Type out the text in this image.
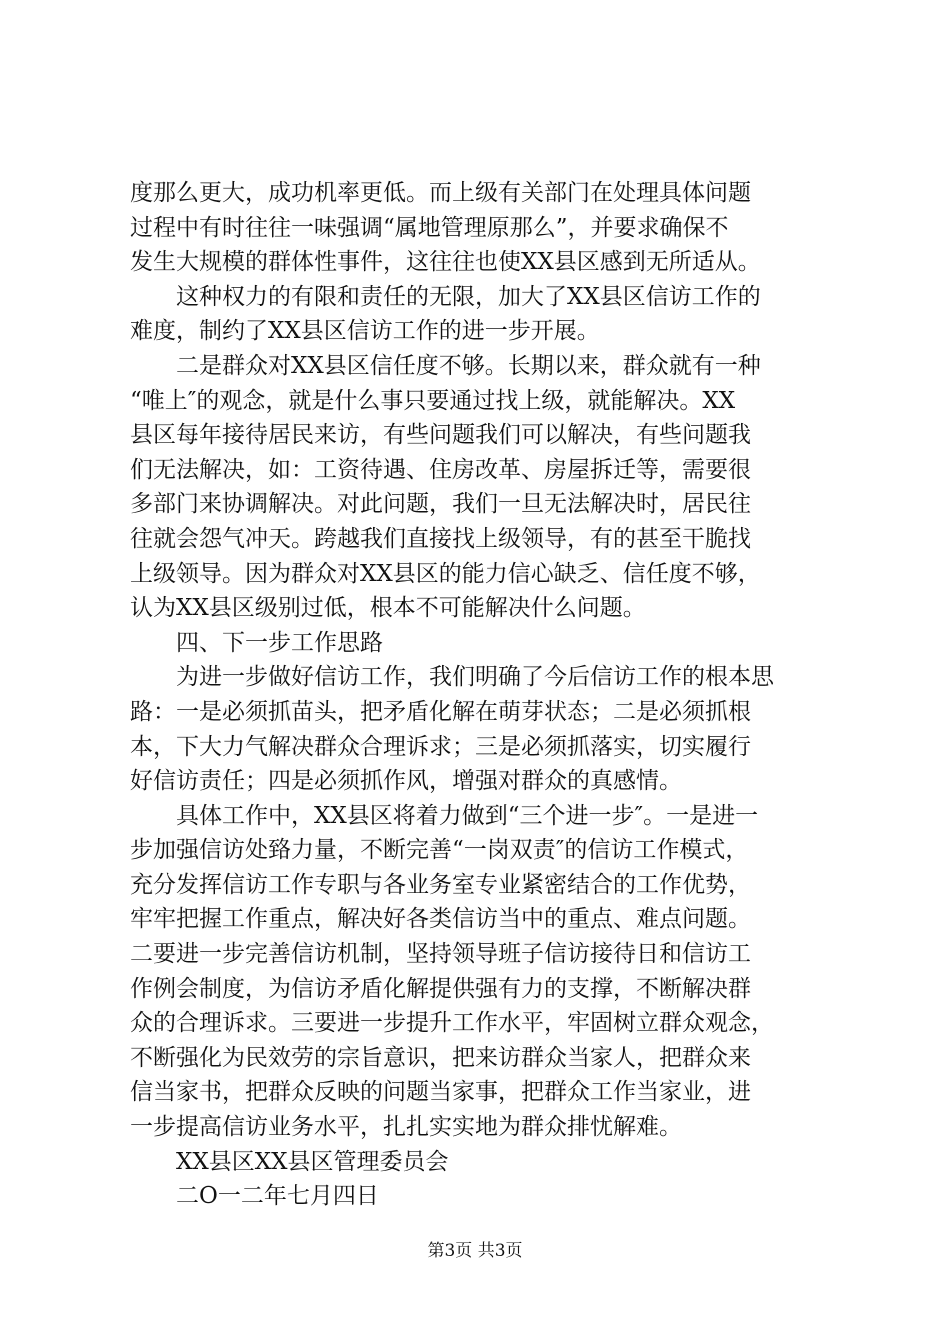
度那么更大，成功机率更低。而上级有关部门在处理具体问题
过程中有时往往一味强调“属地管理原那么”，并要求确保不
发生大规模的群体性事件，这往往也使XX县区感到无所适从。
这种权力的有限和责任的无限，加大了XX县区信访工作的
难度，制约了XX县区信访工作的进一步开展。
二是群众对XX县区信任度不够。长期以来，群众就有一种
“唯上″的观念，就是什么事只要通过找上级，就能解决。XX
县区每年接待居民来访，有些问题我们可以解决，有些问题我
们无法解决，如：工资待遇、住房改革、房屋拆迁等，需要很
多部门来协调解决。对此问题，我们一旦无法解决时，居民往
往就会怨气冲天。跨越我们直接找上级领导，有的甚至干脆找
上级领导。因为群众对XX县区的能力信心缺乏、信任度不够，
认为XX县区级别过低，根本不可能解决什么问题。
四、下一步工作思路
为进一步做好信访工作，我们明确了今后信访工作的根本思
路：一是必须抓苗头，把矛盾化解在萌芽状态；二是必须抓根
本，下大力气解决群众合理诉求；三是必须抓落实，切实履行
好信访责任；四是必须抓作风，增强对群众的真感情。
具体工作中，XX县区将着力做到“三个进一步″。一是进一
步加强信访处臵力量，不断完善“一岗双责″的信访工作模式，
充分发挥信访工作专职与各业务室专业紧密结合的工作优势，
牢牢把握工作重点，解决好各类信访当中的重点、难点问题。
二要进一步完善信访机制，坚持领导班子信访接待日和信访工
作例会制度，为信访矛盾化解提供强有力的支撑，不断解决群
众的合理诉求。三要进一步提升工作水平，牢固树立群众观念，
不断强化为民效劳的宗旨意识，把来访群众当家人，把群众来
信当家书，把群众反映的问题当家事，把群众工作当家业，进
一步提高信访业务水平，扎扎实实地为群众排忧解难。
XX县区XX县区管理委员会
二O一二年七月四日
第3页 共3页
